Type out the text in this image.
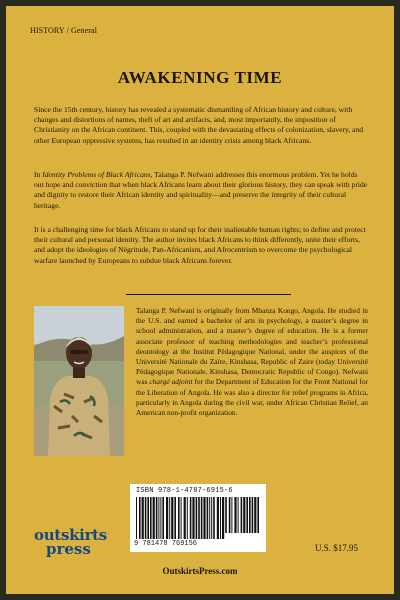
HISTORY / General
AWAKENING TIME

Since the 15th century, history has revealed a systematic dismantling of African history and culture, with changes and distortions of names, theft of art and artifacts, and, most importantly, the imposition of Christianity on the African continent. This, coupled with the devastating effects of colonization, slavery, and other European oppressive systems, has resulted in an identity crisis among black Africans.

In Identity Problems of Black Africans, Talanga P. Nefwani addresses this enormous problem. Yet he holds out hope and conviction that when black Africans learn about their glorious history, they can speak with pride and dignity to restore their African identity and spirituality—and preserve the integrity of their cultural heritage.

It is a challenging time for black Africans to stand up for their inalienable human rights; to define and protect their cultural and personal identity. The author invites black Africans to think differently, unite their efforts, and adopt the ideologies of Négritude, Pan-Africanism, and Afrocentrism to overcome the psychological warfare launched by Europeans to subdue black Africans forever.

Talanga P. Nefwani is originally from Mbanza Kongo, Angola. He studied in the U.S. and earned a bachelor of arts in psychology, a master’s degree in school administration, and a master’s degree of education. He is a former associate professor of teaching methodologies and teacher’s professional deontology at the Institut Pédagogique National, under the auspices of the Université Nationale du Zaïre, Kinshasa, Republic of Zaire (today Université Pédagogique Nationale, Kinshasa, Democratic Republic of Congo). Nefwani was chargé adjoint for the Department of Education for the Front National for the Liberation of Angola. He was also a director for relief programs in Africa, particularly in Angola during the civil war, under African Christian Relief, an American non-profit organization.

ISBN 978-1-4787-6915-6
9 781478 769156
outskirts
press	U.S. $17.95
OutskirtsPress.com
